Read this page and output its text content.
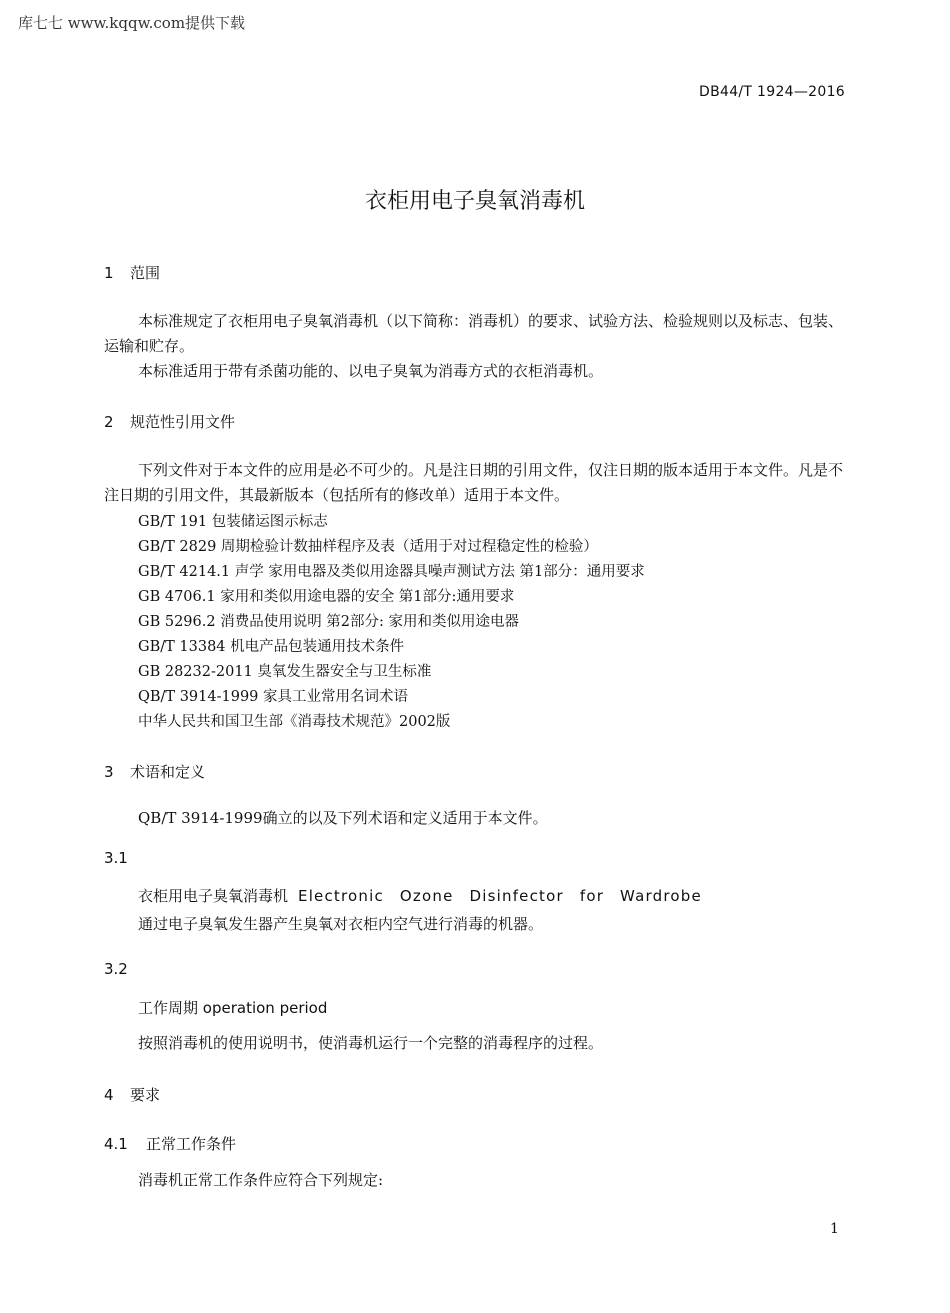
库七七 www.kqqw.com提供下载
DB44/T 1924—2016
衣柜用电子臭氧消毒机
1 范围
本标准规定了衣柜用电子臭氧消毒机（以下简称：消毒机）的要求、试验方法、检验规则以及标志、包装、运输和贮存。
本标准适用于带有杀菌功能的、以电子臭氧为消毒方式的衣柜消毒机。
2 规范性引用文件
下列文件对于本文件的应用是必不可少的。凡是注日期的引用文件，仅注日期的版本适用于本文件。凡是不注日期的引用文件，其最新版本（包括所有的修改单）适用于本文件。
GB/T 191 包装储运图示标志
GB/T 2829 周期检验计数抽样程序及表（适用于对过程稳定性的检验）
GB/T 4214.1 声学 家用电器及类似用途器具噪声测试方法 第1部分：通用要求
GB 4706.1 家用和类似用途电器的安全 第1部分:通用要求
GB 5296.2 消费品使用说明 第2部分: 家用和类似用途电器
GB/T 13384 机电产品包装通用技术条件
GB 28232-2011 臭氧发生器安全与卫生标准
QB/T 3914-1999 家具工业常用名词术语
中华人民共和国卫生部《消毒技术规范》2002版
3 术语和定义
QB/T 3914-1999确立的以及下列术语和定义适用于本文件。
3.1
衣柜用电子臭氧消毒机 Electronic Ozone Disinfector for Wardrobe
通过电子臭氧发生器产生臭氧对衣柜内空气进行消毒的机器。
3.2
工作周期 operation period
按照消毒机的使用说明书，使消毒机运行一个完整的消毒程序的过程。
4 要求
4.1 正常工作条件
消毒机正常工作条件应符合下列规定:
1
